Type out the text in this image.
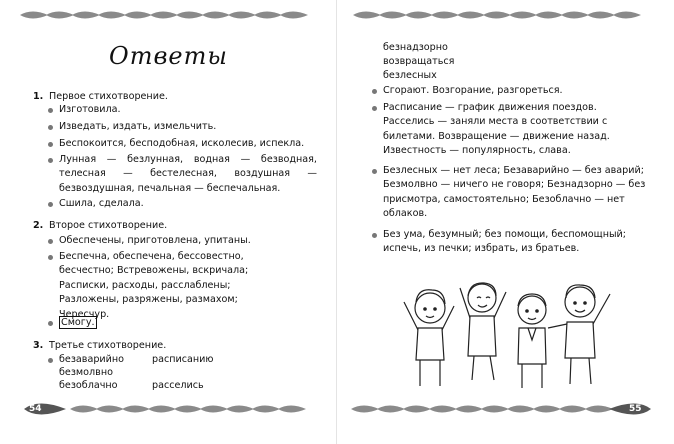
Ответы
1. Первое стихотворение.
Изготовила.
Изведать, издать, измельчить.
Беспокоится, бесподобная, исколесив, испекла.
Лунная — безлунная, водная — безводная, телесная — бестелесная, воздушная — безвоздушная, печальная — беспечальная.
Сшила, сделала.
2. Второе стихотворение.
Обеспечены, приготовлена, упитаны.
Беспечна, обеспечена, бессовестно, бесчестно; Встревожены, вскричала; Расписки, расходы, расслаблены; Разложены, разряжены, размахом; Чересчур.
Смогу.
3. Третье стихотворение.
безаварийно	расписанию
безмолвно
безоблачно	расселись
54
безнадзорно
возвращаться
безлесных
Сгорают. Возгорание, разгореться.
Расписание — график движения поездов. Расселись — заняли места в соответствии с билетами. Возвращение — движение назад. Известность — популярность, слава.
Безлесных — нет леса; Безаварийно — без аварий; Безмолвно — ничего не говоря; Безнадзорно — без присмотра, самостоятельно; Безоблачно — нет облаков.
Без ума, безумный; без помощи, беспомощный; испечь, из печки; избрать, из братьев.
55
